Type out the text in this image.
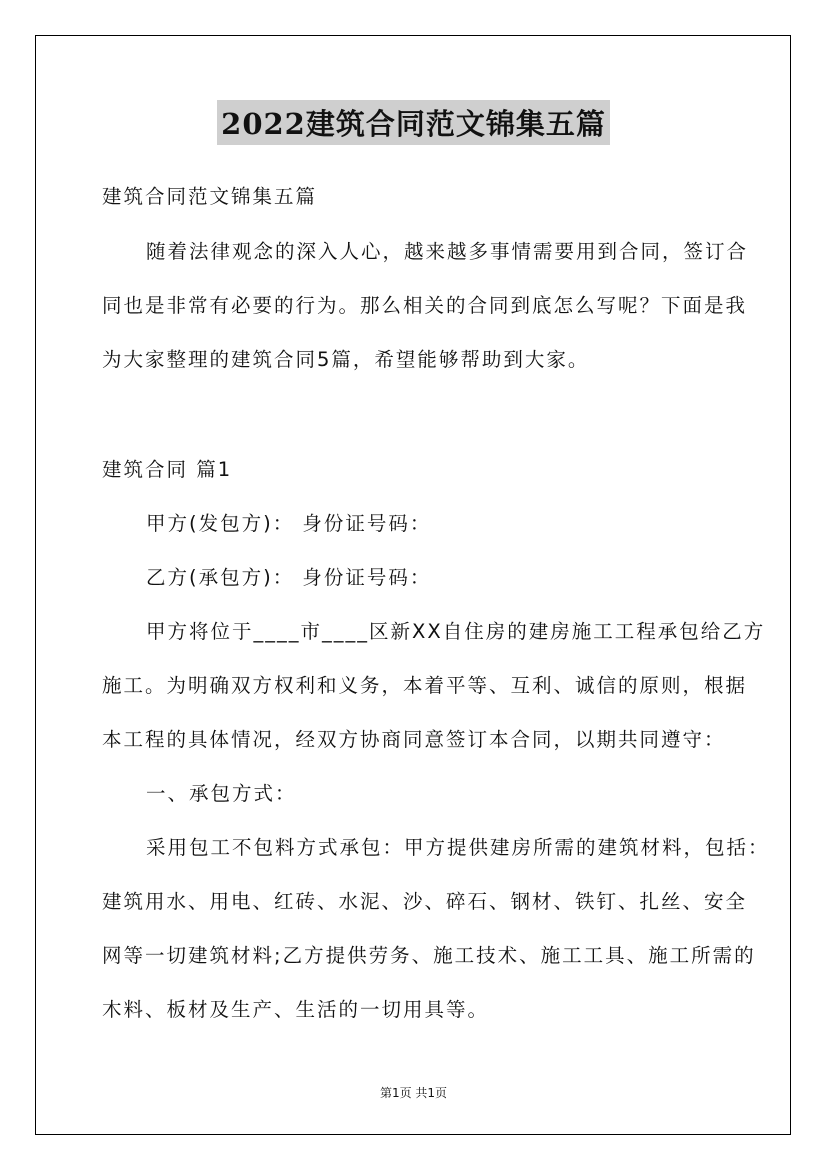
2022建筑合同范文锦集五篇
建筑合同范文锦集五篇
随着法律观念的深入人心，越来越多事情需要用到合同，签订合
同也是非常有必要的行为。那么相关的合同到底怎么写呢？下面是我
为大家整理的建筑合同5篇，希望能够帮助到大家。
建筑合同 篇1
甲方(发包方)： 身份证号码：
乙方(承包方)： 身份证号码：
甲方将位于____市____区新XX自住房的建房施工工程承包给乙方
施工。为明确双方权利和义务，本着平等、互利、诚信的原则，根据
本工程的具体情况，经双方协商同意签订本合同，以期共同遵守：
一、承包方式：
采用包工不包料方式承包：甲方提供建房所需的建筑材料，包括：
建筑用水、用电、红砖、水泥、沙、碎石、钢材、铁钉、扎丝、安全
网等一切建筑材料;乙方提供劳务、施工技术、施工工具、施工所需的
木料、板材及生产、生活的一切用具等。
第1页 共1页
